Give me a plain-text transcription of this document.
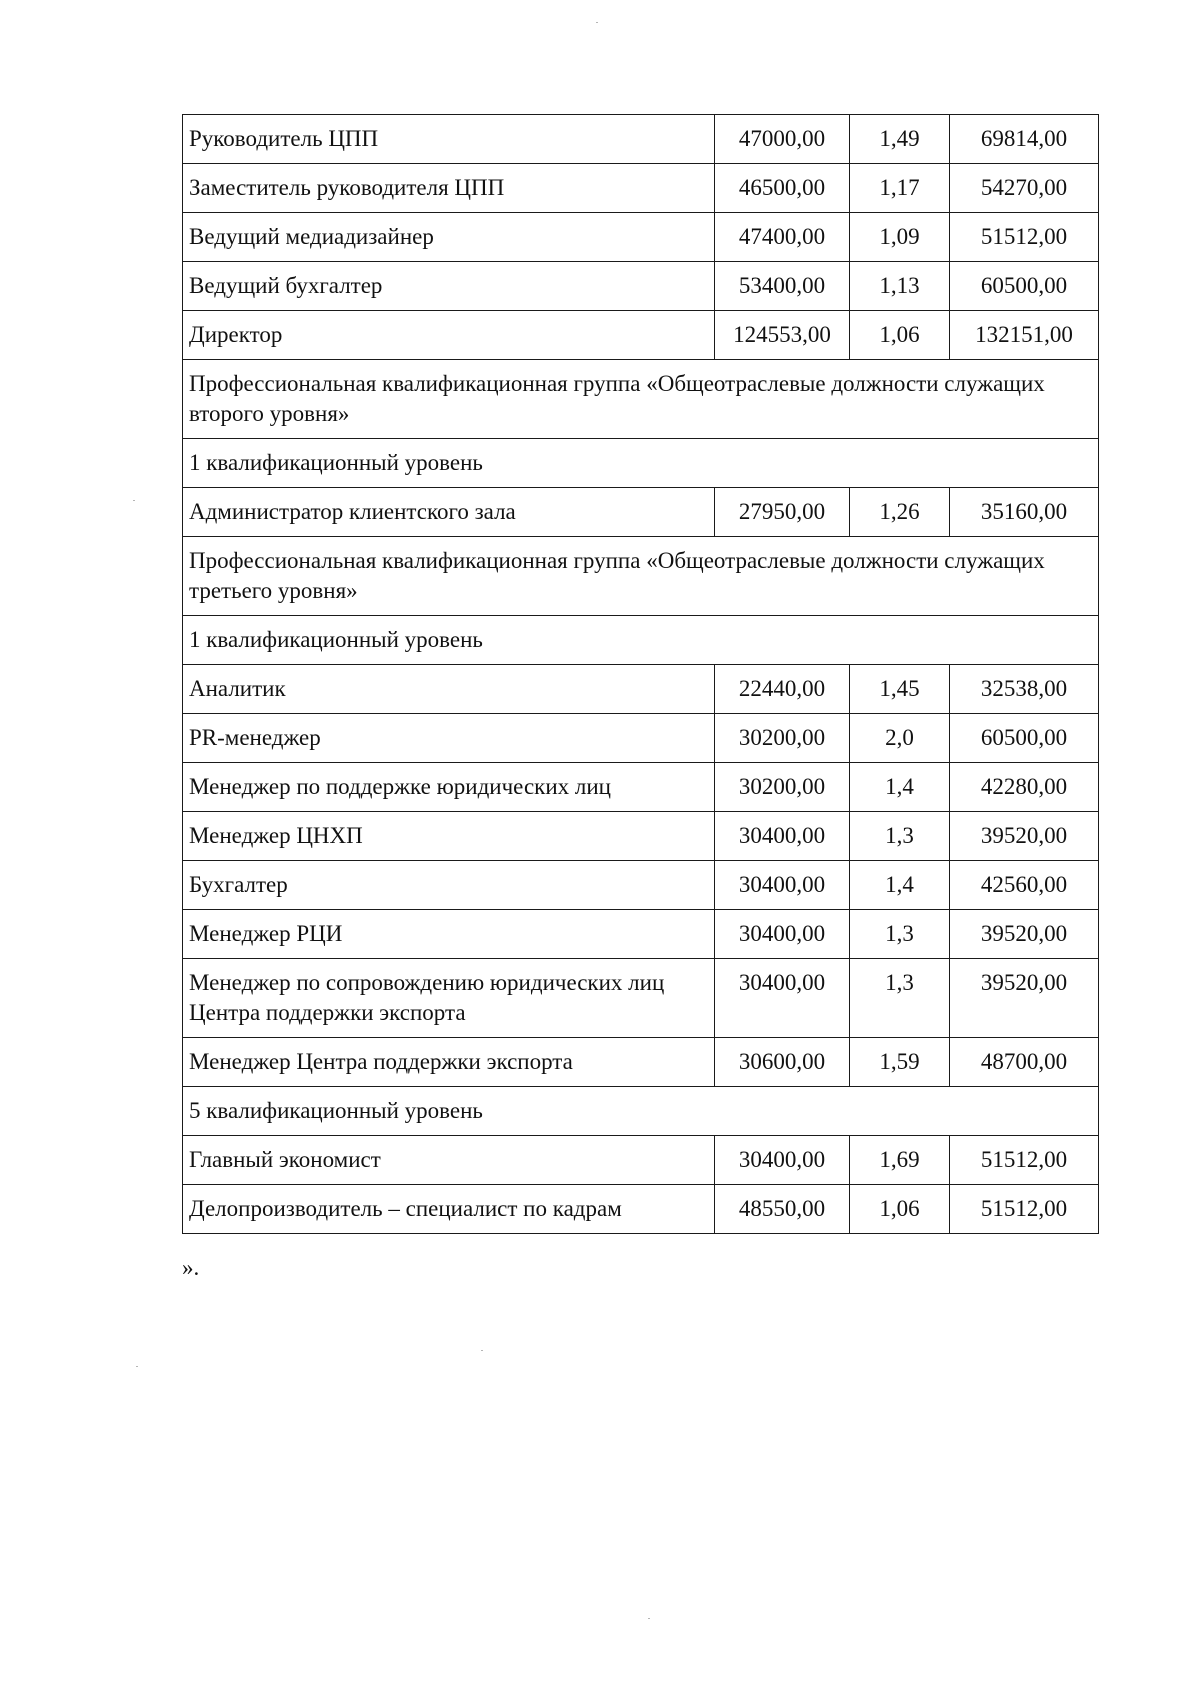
Руководитель ЦПП	47000,00	1,49	69814,00
Заместитель руководителя ЦПП	46500,00	1,17	54270,00
Ведущий медиадизайнер	47400,00	1,09	51512,00
Ведущий бухгалтер	53400,00	1,13	60500,00
Директор	124553,00	1,06	132151,00
Профессиональная квалификационная группа «Общеотраслевые должности служащих второго уровня»			
1 квалификационный уровень			
Администратор клиентского зала	27950,00	1,26	35160,00
Профессиональная квалификационная группа «Общеотраслевые должности служащих третьего уровня»			
1 квалификационный уровень			
Аналитик	22440,00	1,45	32538,00
PR-менеджер	30200,00	2,0	60500,00
Менеджер по поддержке юридических лиц	30200,00	1,4	42280,00
Менеджер ЦНХП	30400,00	1,3	39520,00
Бухгалтер	30400,00	1,4	42560,00
Менеджер РЦИ	30400,00	1,3	39520,00
Менеджер по сопровождению юридических лиц Центра поддержки экспорта	30400,00	1,3	39520,00
Менеджер Центра поддержки экспорта	30600,00	1,59	48700,00
5 квалификационный уровень			
Главный экономист	30400,00	1,69	51512,00
Делопроизводитель – специалист по кадрам	48550,00	1,06	51512,00
».
